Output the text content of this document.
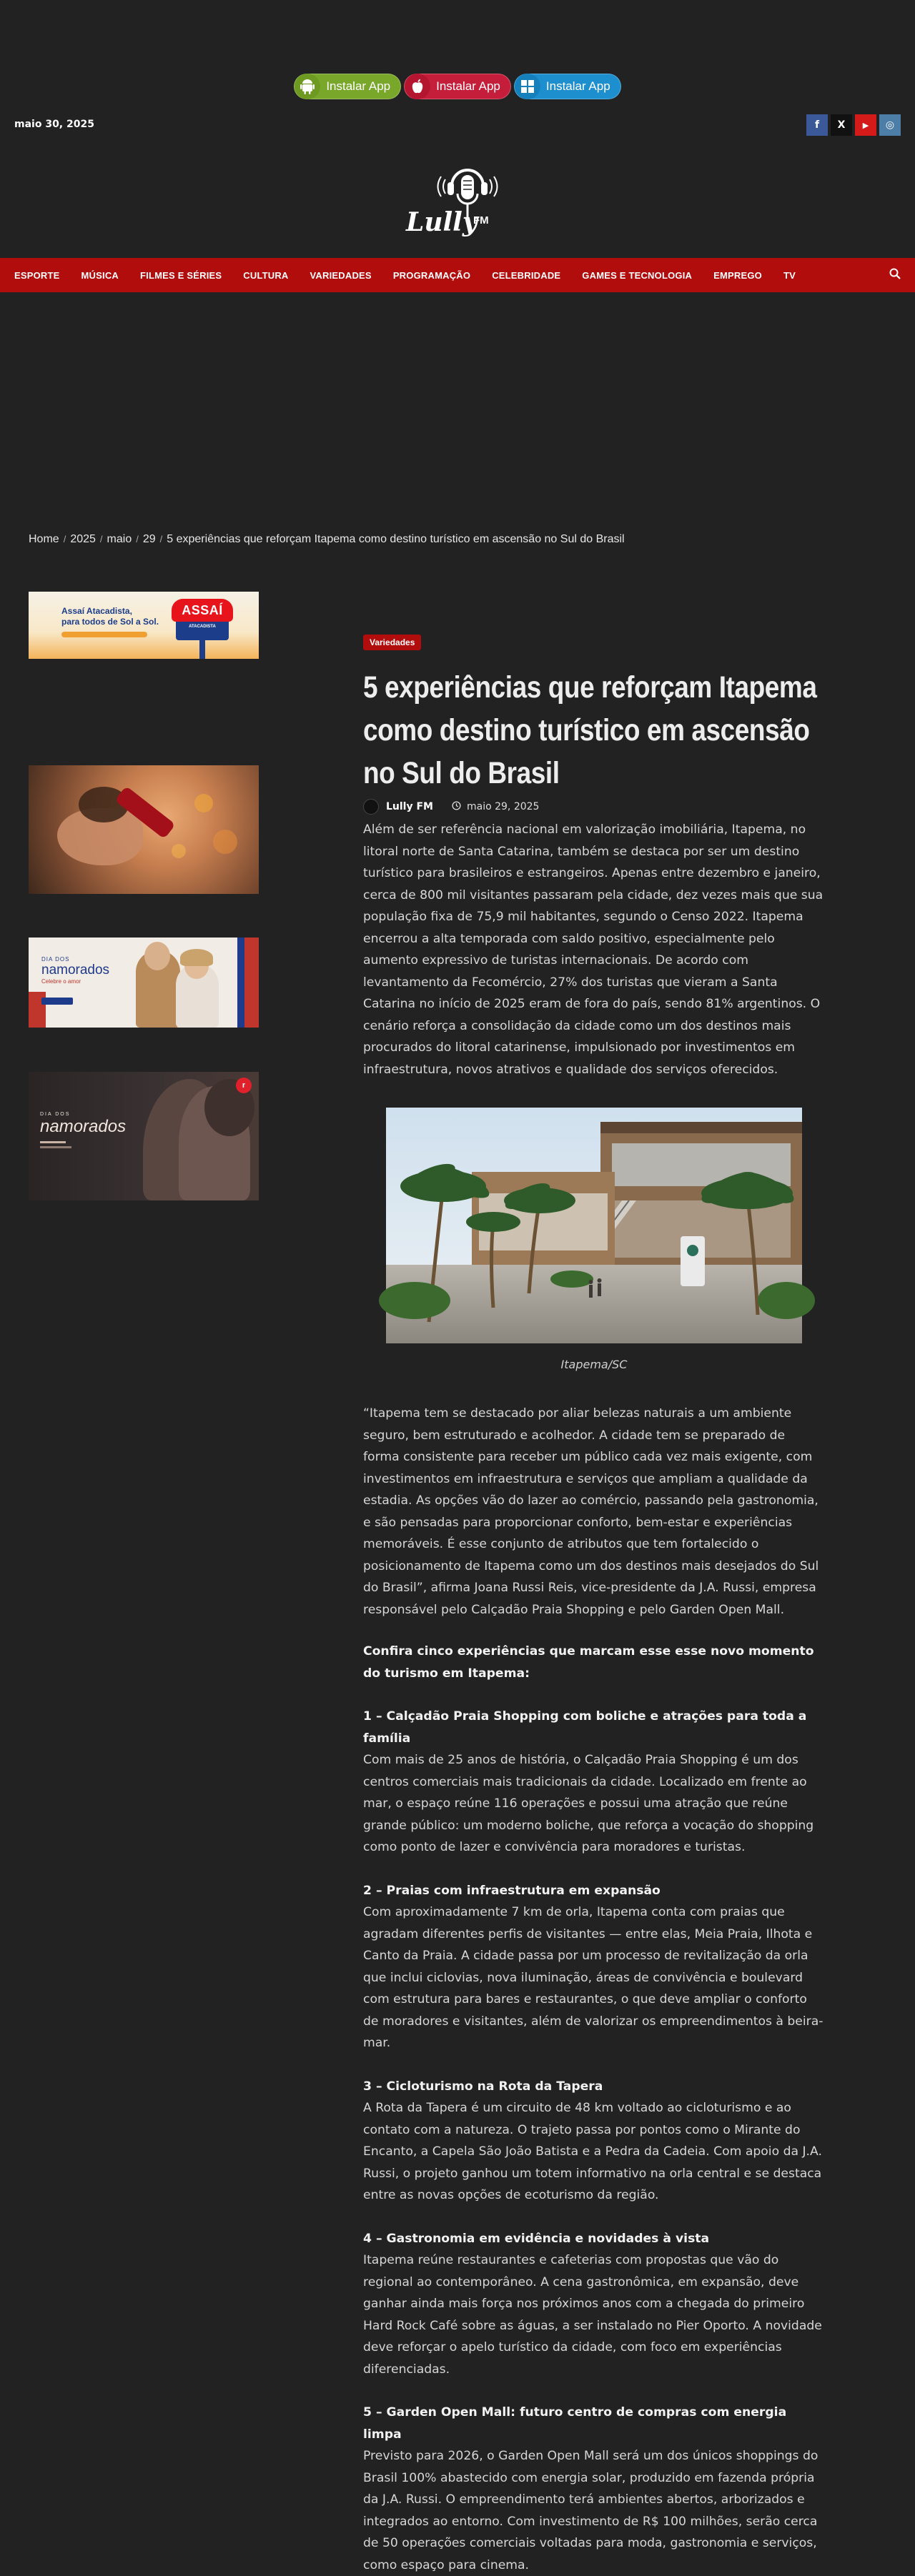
Instalar App	Instalar App	Instalar App
maio 30, 2025	f	X	▶	◎
Lully
FM
ESPORTE MÚSICA FILMES E SÉRIES CULTURA VARIEDADES PROGRAMAÇÃO CELEBRIDADE GAMES E TECNOLOGIA EMPREGO TV
Home / 2025 / maio / 29 / 5 experiências que reforçam Itapema como destino turístico em ascensão no Sul do Brasil
Assaí Atacadista,
para todos de Sol a Sol.
ASSAÍ
ATACADISTA
DIA DOS
namorados
Celebre o amor
DIA DOS
namorados
r
Variedades
5 experiências que reforçam Itapema como destino turístico em ascensão no Sul do Brasil
Lully FM	maio 29, 2025

Além de ser referência nacional em valorização imobiliária, Itapema, no litoral norte de Santa Catarina, também se destaca por ser um destino turístico para brasileiros e estrangeiros. Apenas entre dezembro e janeiro, cerca de 800 mil visitantes passaram pela cidade, dez vezes mais que sua população fixa de 75,9 mil habitantes, segundo o Censo 2022. Itapema encerrou a alta temporada com saldo positivo, especialmente pelo aumento expressivo de turistas internacionais. De acordo com levantamento da Fecomércio, 27% dos turistas que vieram a Santa Catarina no início de 2025 eram de fora do país, sendo 81% argentinos. O cenário reforça a consolidação da cidade como um dos destinos mais procurados do litoral catarinense, impulsionado por investimentos em infraestrutura, novos atrativos e qualidade dos serviços oferecidos.

Itapema/SC

“Itapema tem se destacado por aliar belezas naturais a um ambiente seguro, bem estruturado e acolhedor. A cidade tem se preparado de forma consistente para receber um público cada vez mais exigente, com investimentos em infraestrutura e serviços que ampliam a qualidade da estadia. As opções vão do lazer ao comércio, passando pela gastronomia, e são pensadas para proporcionar conforto, bem-estar e experiências memoráveis. É esse conjunto de atributos que tem fortalecido o posicionamento de Itapema como um dos destinos mais desejados do Sul do Brasil”, afirma Joana Russi Reis, vice-presidente da J.A. Russi, empresa responsável pelo Calçadão Praia Shopping e pelo Garden Open Mall.

Confira cinco experiências que marcam esse esse novo momento do turismo em Itapema:

1 – Calçadão Praia Shopping com boliche e atrações para toda a família

Com mais de 25 anos de história, o Calçadão Praia Shopping é um dos centros comerciais mais tradicionais da cidade. Localizado em frente ao mar, o espaço reúne 116 operações e possui uma atração que reúne grande público: um moderno boliche, que reforça a vocação do shopping como ponto de lazer e convivência para moradores e turistas.

2 – Praias com infraestrutura em expansão

Com aproximadamente 7 km de orla, Itapema conta com praias que agradam diferentes perfis de visitantes — entre elas, Meia Praia, Ilhota e Canto da Praia. A cidade passa por um processo de revitalização da orla que inclui ciclovias, nova iluminação, áreas de convivência e boulevard com estrutura para bares e restaurantes, o que deve ampliar o conforto de moradores e visitantes, além de valorizar os empreendimentos à beira-mar.

3 – Cicloturismo na Rota da Tapera

A Rota da Tapera é um circuito de 48 km voltado ao cicloturismo e ao contato com a natureza. O trajeto passa por pontos como o Mirante do Encanto, a Capela São João Batista e a Pedra da Cadeia. Com apoio da J.A. Russi, o projeto ganhou um totem informativo na orla central e se destaca entre as novas opções de ecoturismo da região.

4 – Gastronomia em evidência e novidades à vista

Itapema reúne restaurantes e cafeterias com propostas que vão do regional ao contemporâneo. A cena gastronômica, em expansão, deve ganhar ainda mais força nos próximos anos com a chegada do primeiro Hard Rock Café sobre as águas, a ser instalado no Pier Oporto. A novidade deve reforçar o apelo turístico da cidade, com foco em experiências diferenciadas.

5 – Garden Open Mall: futuro centro de compras com energia limpa

Previsto para 2026, o Garden Open Mall será um dos únicos shoppings do Brasil 100% abastecido com energia solar, produzido em fazenda própria da J.A. Russi. O empreendimento terá ambientes abertos, arborizados e integrados ao entorno. Com investimento de R$ 100 milhões, serão cerca de 50 operações comerciais voltadas para moda, gastronomia e serviços, como espaço para cinema.
